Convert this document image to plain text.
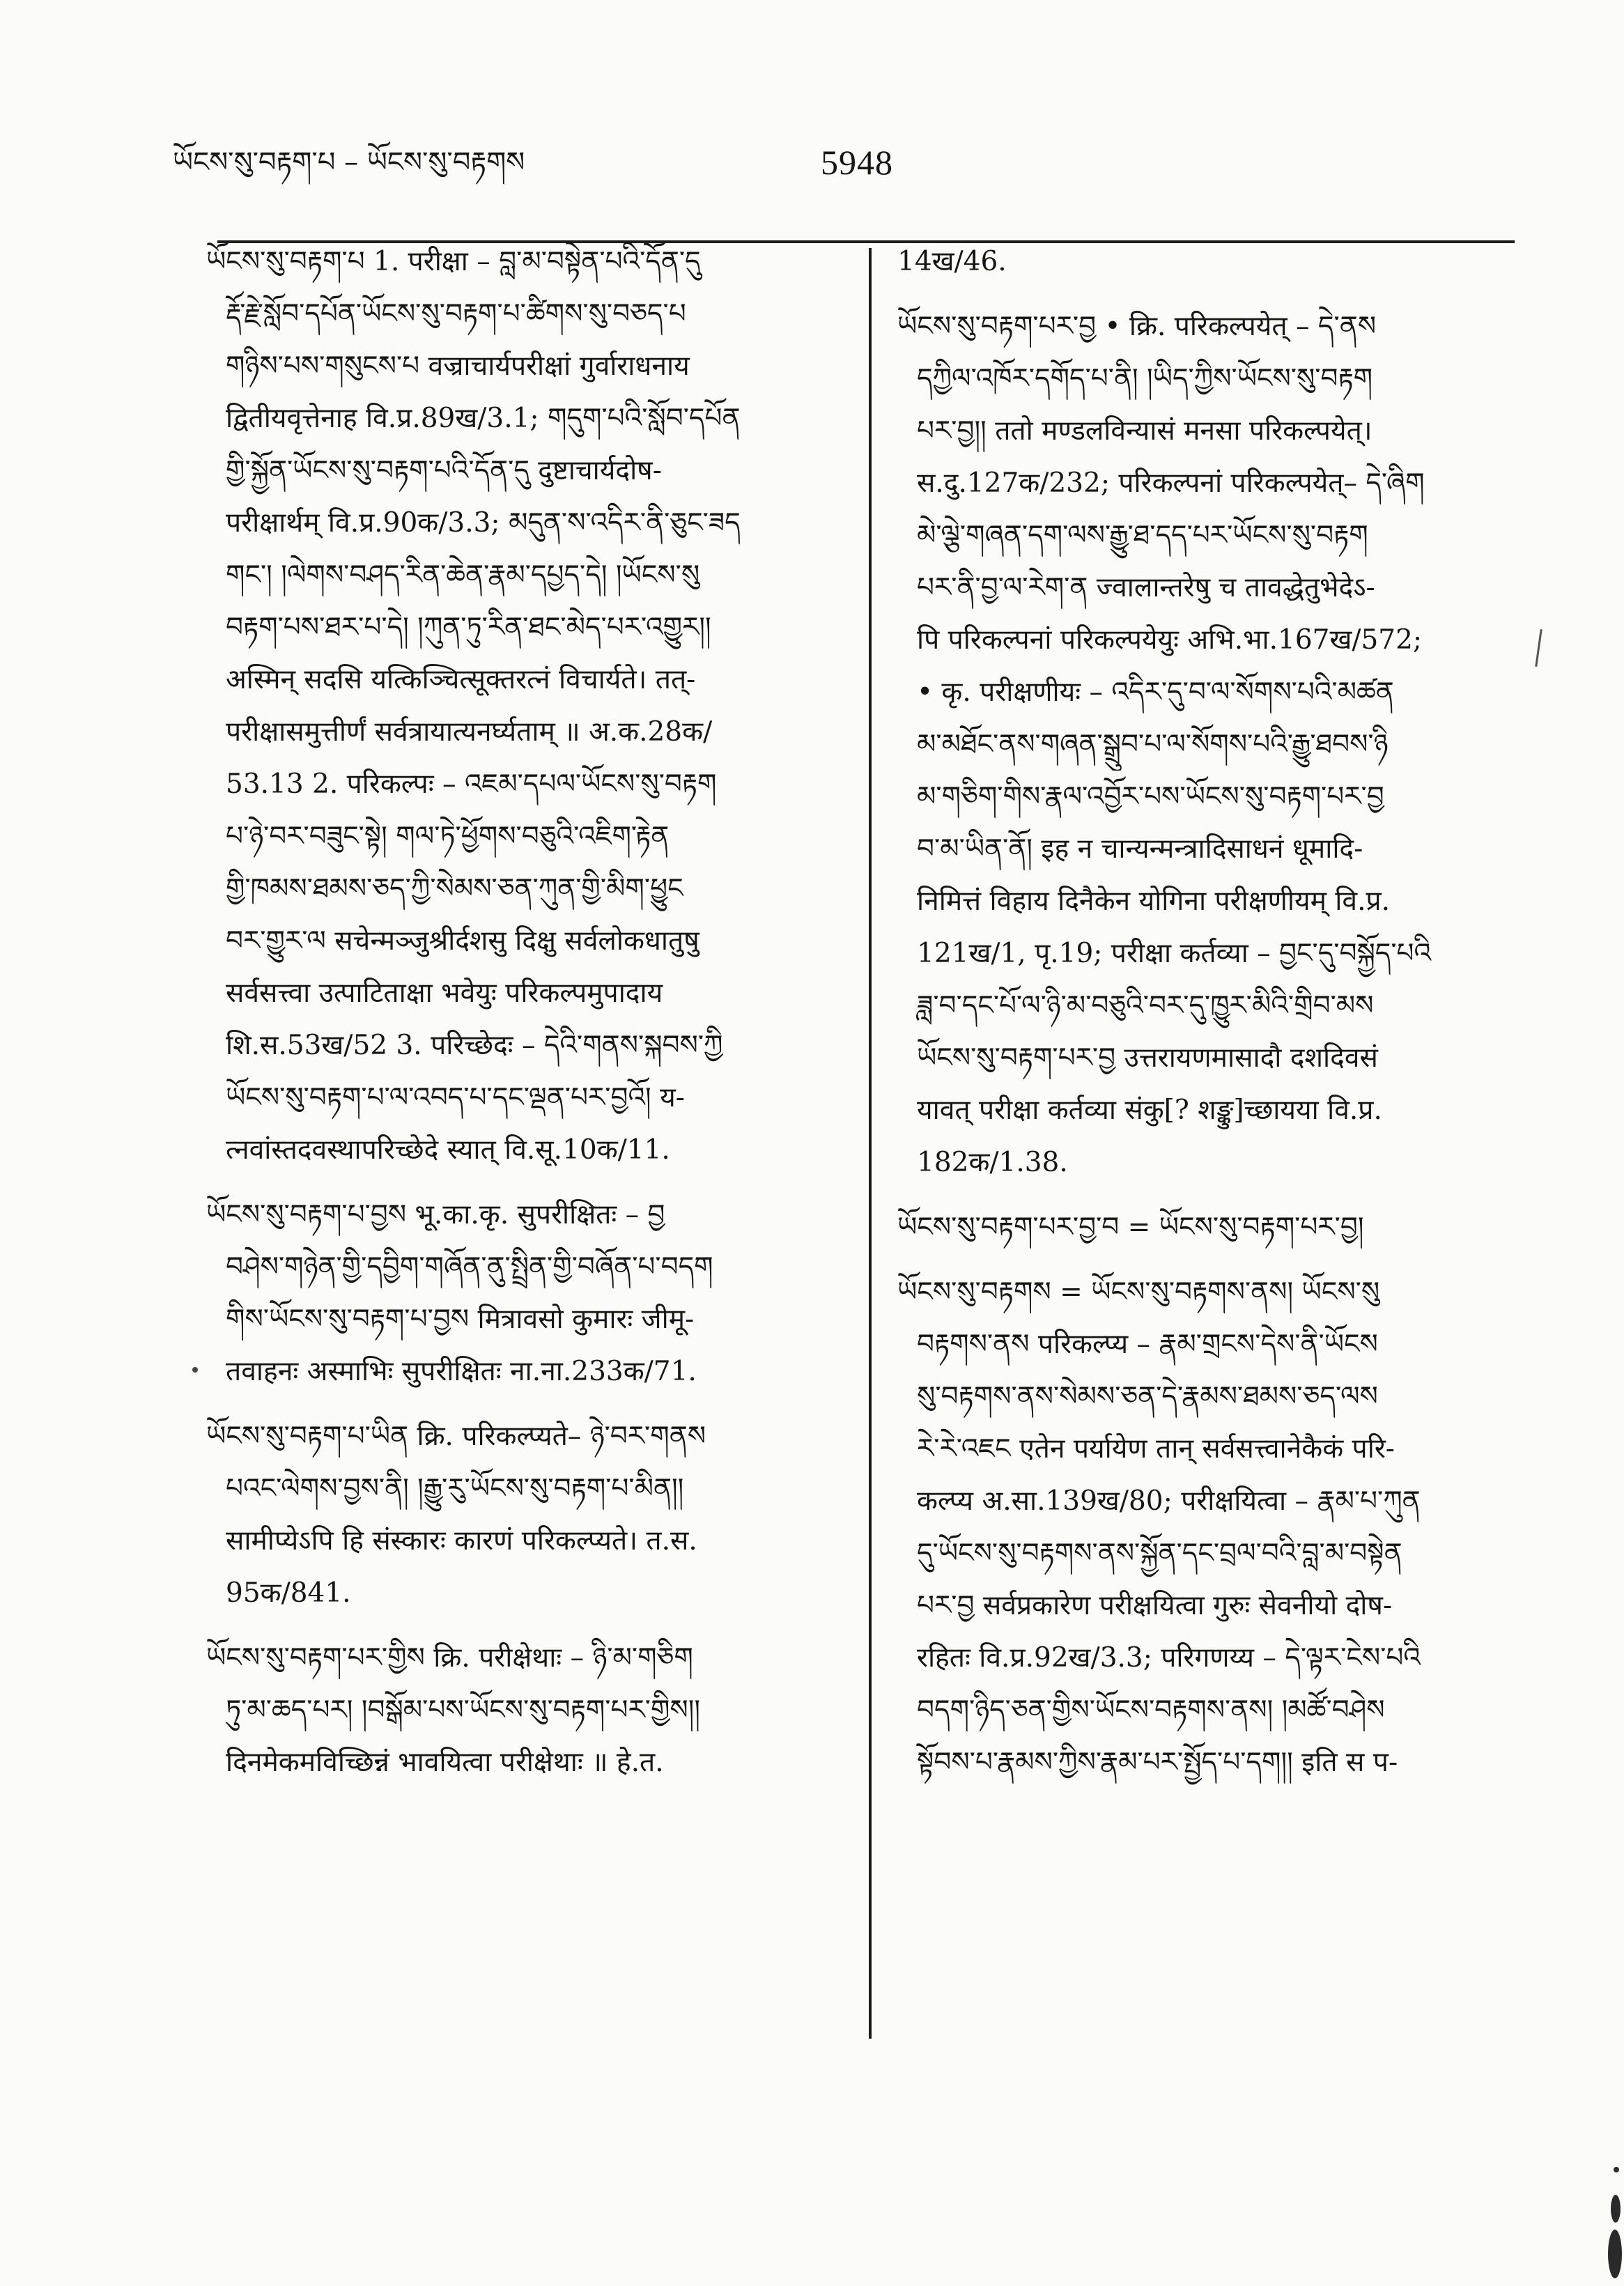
ཡོངས་སུ་བརྟག་པ – ཡོངས་སུ་བརྟགས	5948
ཡོངས་སུ་བརྟག་པ 1. परीक्षा – བླ་མ་བསྟེན་པའི་དོན་དུ
རྡོ་རྗེ་སློབ་དཔོན་ཡོངས་སུ་བརྟག་པ་ཚིགས་སུ་བཅད་པ
གཉིས་པས་གསུངས་པ वज्राचार्यपरीक्षां गुर्वाराधनाय
द्वितीयवृत्तेनाह वि.प्र.89ख/3.1; གདུག་པའི་སློབ་དཔོན
གྱི་སྐྱོན་ཡོངས་སུ་བརྟག་པའི་དོན་དུ दुष्टाचार्यदोष-
परीक्षार्थम् वि.प्र.90क/3.3; མདུན་ས་འདིར་ནི་ཅུང་ཟད
གང་། །ལེགས་བཤད་རིན་ཆེན་རྣམ་དཔྱད་དེ། །ཡོངས་སུ
བརྟག་པས་ཐར་པ་དེ། །ཀུན་ཏུ་རིན་ཐང་མེད་པར་འགྱུར།།
अस्मिन् सदसि यत्किञ्चित्सूक्तरत्नं विचार्यते। तत्-
परीक्षासमुत्तीर्णं सर्वत्रायात्यनर्घ्यताम् ॥ अ.क.28क/
53.13 2. परिकल्पः – འཇམ་དཔལ་ཡོངས་སུ་བརྟག
པ་ཉེ་བར་བཟུང་སྟེ། གལ་ཏེ་ཕྱོགས་བཅུའི་འཇིག་རྟེན
གྱི་ཁམས་ཐམས་ཅད་ཀྱི་སེམས་ཅན་ཀུན་གྱི་མིག་ཕྱུང
བར་གྱུར་ལ सचेन्मञ्जुश्रीर्दशसु दिक्षु सर्वलोकधातुषु
सर्वसत्त्वा उत्पाटिताक्षा भवेयुः परिकल्पमुपादाय
शि.स.53ख/52 3. परिच्छेदः – དེའི་གནས་སྐབས་ཀྱི
ཡོངས་སུ་བརྟག་པ་ལ་འབད་པ་དང་ལྡན་པར་བྱའོ། य-
त्नवांस्तदवस्थापरिच्छेदे स्यात् वि.सू.10क/11.
ཡོངས་སུ་བརྟག་པ་བྱས भू.का.कृ. सुपरीक्षितः – བྱ
བཤེས་གཉེན་གྱི་དབྱིག་གཞོན་ནུ་སྤྲིན་གྱི་བཞོན་པ་བདག
གིས་ཡོངས་སུ་བརྟག་པ་བྱས मित्रावसो कुमारः जीमू-
तवाहनः अस्माभिः सुपरीक्षितः ना.ना.233क/71.
ཡོངས་སུ་བརྟག་པ་ཡིན क्रि. परिकल्प्यते– ཉེ་བར་གནས
པའང་ལེགས་བྱས་ནི། །རྒྱུ་རུ་ཡོངས་སུ་བརྟག་པ་མིན།།
सामीप्येऽपि हि संस्कारः कारणं परिकल्प्यते। त.स.
95क/841.
ཡོངས་སུ་བརྟག་པར་གྱིས क्रि. परीक्षेथाः – ཉི་མ་གཅིག
ཏུ་མ་ཆད་པར། །བསྒོམ་པས་ཡོངས་སུ་བརྟག་པར་གྱིས།།
दिनमेकमविच्छिन्नं भावयित्वा परीक्षेथाः ॥ हे.त.
14ख/46.
ཡོངས་སུ་བརྟག་པར་བྱ • क्रि. परिकल्पयेत् – དེ་ནས
དཀྱིལ་འཁོར་དགོད་པ་ནི། །ཡིད་ཀྱིས་ཡོངས་སུ་བརྟག
པར་བྱ།། ततो मण्डलविन्यासं मनसा परिकल्पयेत्।
स.दु.127क/232; परिकल्पनां परिकल्पयेत्– དེ་ཞིག
མེ་ལྕེ་གཞན་དག་ལས་རྒྱུ་ཐ་དད་པར་ཡོངས་སུ་བརྟག
པར་ནི་བྱ་ལ་རེག་ན ज्वालान्तरेषु च तावद्धेतुभेदेऽ-
पि परिकल्पनां परिकल्पयेयुः अभि.भा.167ख/572;
• कृ. परीक्षणीयः – འདིར་དུ་བ་ལ་སོགས་པའི་མཚན
མ་མཐོང་ནས་གཞན་སྒྲུབ་པ་ལ་སོགས་པའི་རྒྱུ་ཐབས་ཉི
མ་གཅིག་གིས་རྣལ་འབྱོར་པས་ཡོངས་སུ་བརྟག་པར་བྱ
བ་མ་ཡིན་ནོ། इह न चान्यन्मन्त्रादिसाधनं धूमादि-
निमित्तं विहाय दिनैकेन योगिना परीक्षणीयम् वि.प्र.
121ख/1, पृ.19; परीक्षा कर्तव्या – བྱང་དུ་བསྐྱོད་པའི
ཟླ་བ་དང་པོ་ལ་ཉི་མ་བཅུའི་བར་དུ་ཁྱུར་མིའི་གྲིབ་མས
ཡོངས་སུ་བརྟག་པར་བྱ उत्तरायणमासादौ दशदिवसं
यावत् परीक्षा कर्तव्या संकु[? शङ्कु]च्छायया वि.प्र.
182क/1.38.
ཡོངས་སུ་བརྟག་པར་བྱ་བ = ཡོངས་སུ་བརྟག་པར་བྱ།
ཡོངས་སུ་བརྟགས = ཡོངས་སུ་བརྟགས་ནས། ཡོངས་སུ
བརྟགས་ནས परिकल्प्य – རྣམ་གྲངས་དེས་ནི་ཡོངས
སུ་བརྟགས་ནས་སེམས་ཅན་དེ་རྣམས་ཐམས་ཅད་ལས
རེ་རེ་འཇང एतेन पर्यायेण तान् सर्वसत्त्वानेकैकं परि-
कल्प्य अ.सा.139ख/80; परीक्षयित्वा – རྣམ་པ་ཀུན
དུ་ཡོངས་སུ་བརྟགས་ནས་སྐྱོན་དང་བྲལ་བའི་བླ་མ་བསྟེན
པར་བྱ सर्वप्रकारेण परीक्षयित्वा गुरुः सेवनीयो दोष-
रहितः वि.प्र.92ख/3.3; परिगणय्य – དེ་ལྟར་ངེས་པའི
བདག་ཉིད་ཅན་གྱིས་ཡོངས་བརྟགས་ནས། །མཚོ་བཤེས
སྟོབས་པ་རྣམས་ཀྱིས་རྣམ་པར་སྤྱོད་པ་དག།། इति स प-
